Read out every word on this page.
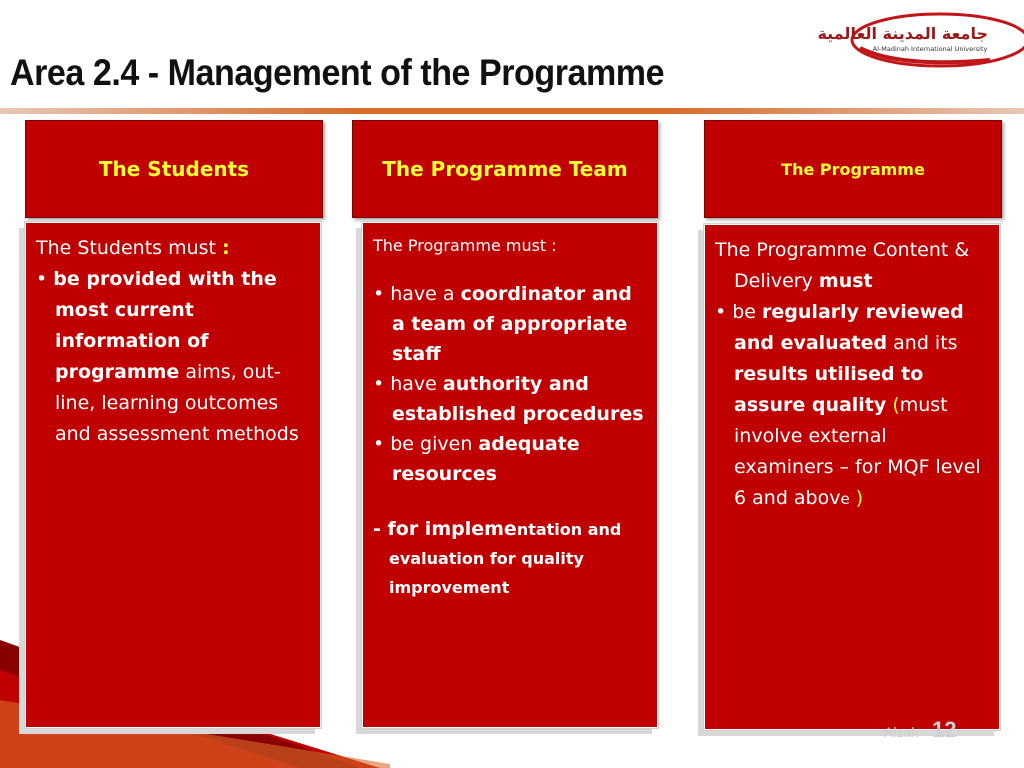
Area 2.4 - Management of the Programme
جامعة المدينة العالمية
Al-Madinah International University
The Students

The Students must :

• be provided with the most current information of programme aims, out-line, learning outcomes and assessment methods

The Programme Team

The Programme must :

• have a coordinator and a team of appropriate staff

• have authority and established procedures

• be given adequate resources

- for implementation and evaluation for quality improvement

The Programme

The Programme Content & Delivery must

• be regularly reviewed and evaluated and its results utilised to assure quality (must involve external examiners – for MQF level 6 and above )

Alzah 12
